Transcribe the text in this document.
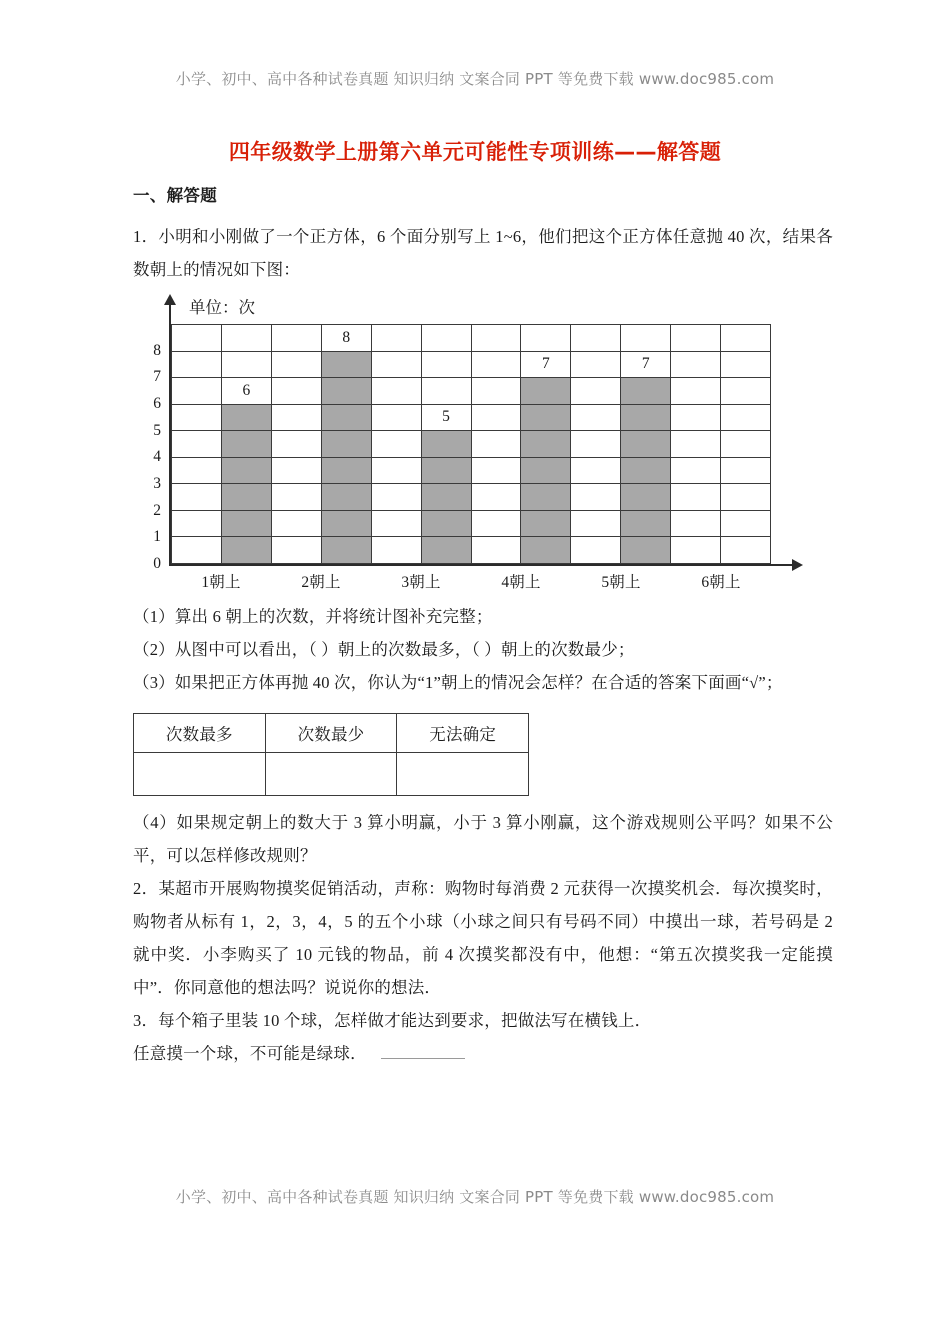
小学、初中、高中各种试卷真题 知识归纳 文案合同 PPT 等免费下载 www.doc985.com
四年级数学上册第六单元可能性专项训练——解答题
一、解答题

1．小明和小刚做了一个正方体，6 个面分别写上 1~6，他们把这个正方体任意抛 40 次，结果各数朝上的情况如下图：

单位：次
8
7
6
5
4
3
2
1
0
8
7	7
6
5
1朝上	2朝上	3朝上	4朝上	5朝上	6朝上

（1）算出 6 朝上的次数，并将统计图补充完整；

（2）从图中可以看出，（ ）朝上的次数最多，（ ）朝上的次数最少；

（3）如果把正方体再抛 40 次，你认为“1”朝上的情况会怎样？在合适的答案下面画“√”；

次数最多	次数最少	无法确定

（4）如果规定朝上的数大于 3 算小明赢，小于 3 算小刚赢，这个游戏规则公平吗？如果不公平，可以怎样修改规则？

2．某超市开展购物摸奖促销活动，声称：购物时每消费 2 元获得一次摸奖机会．每次摸奖时，购物者从标有 1，2，3，4，5 的五个小球（小球之间只有号码不同）中摸出一球，若号码是 2 就中奖．小李购买了 10 元钱的物品，前 4 次摸奖都没有中，他想：“第五次摸奖我一定能摸中”．你同意他的想法吗？说说你的想法．

3．每个箱子里装 10 个球，怎样做才能达到要求，把做法写在横钱上．

任意摸一个球，不可能是绿球．

小学、初中、高中各种试卷真题 知识归纳 文案合同 PPT 等免费下载 www.doc985.com
